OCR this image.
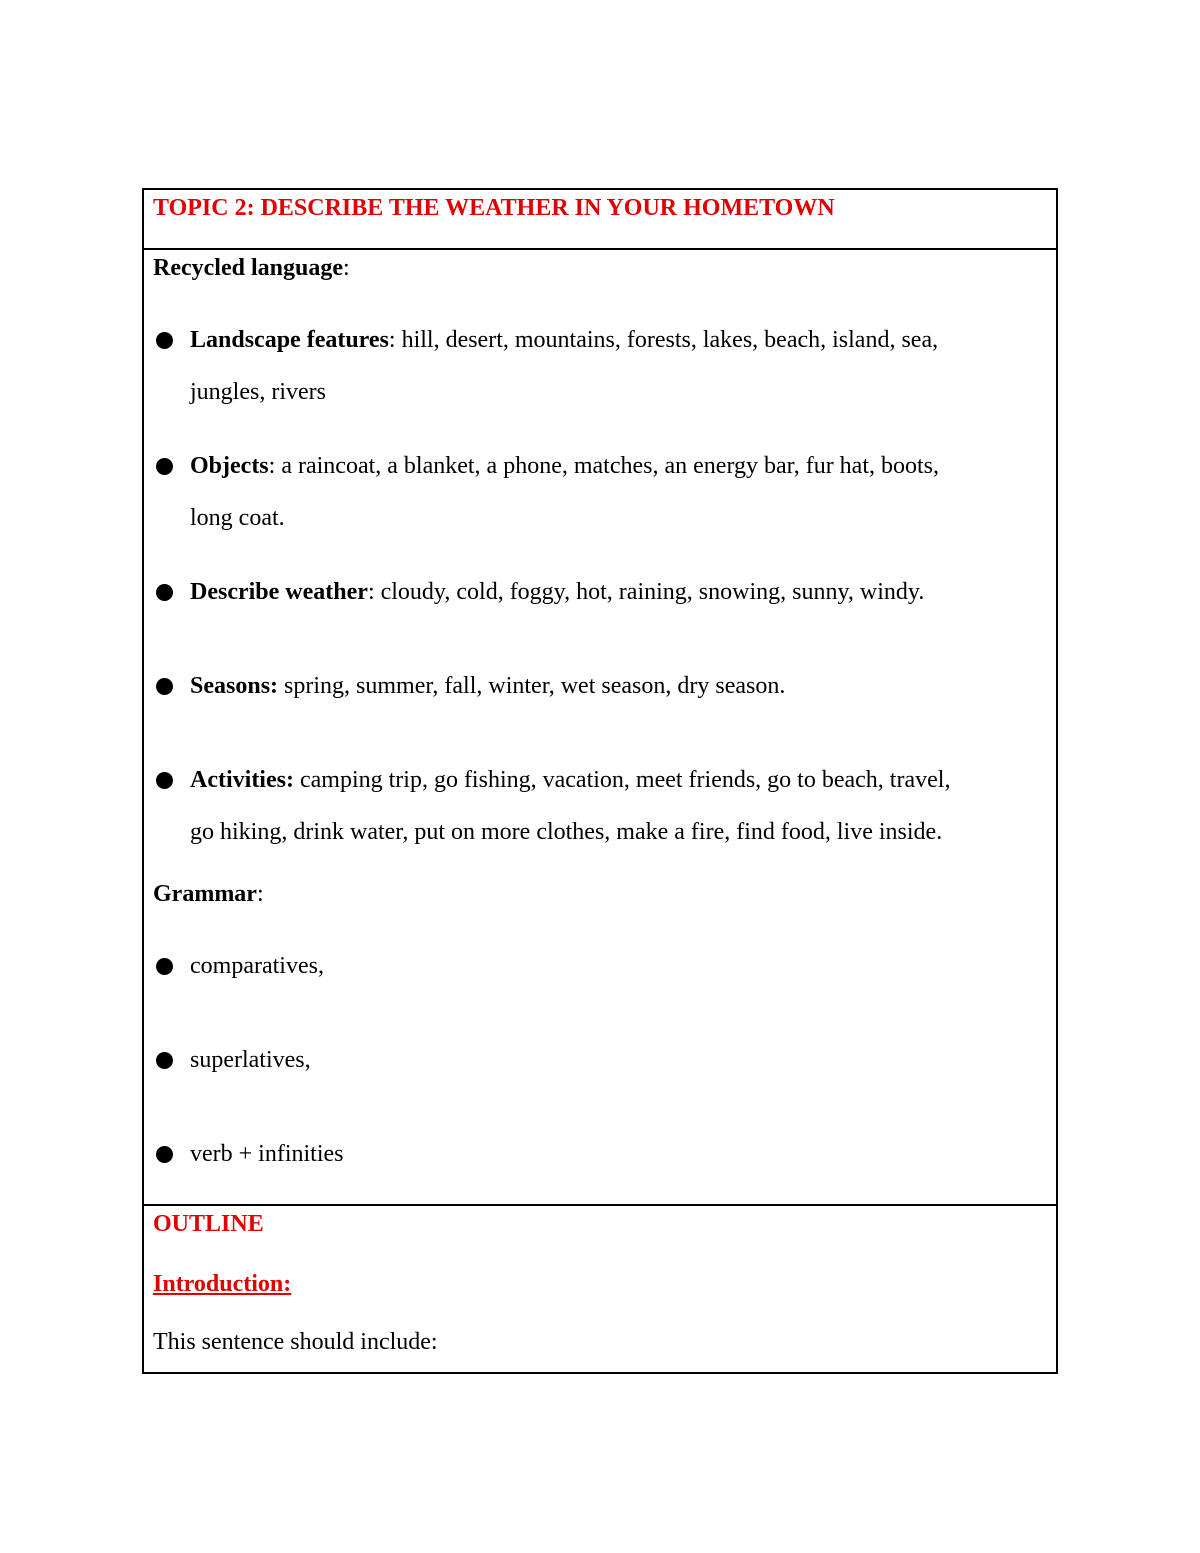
TOPIC 2: DESCRIBE THE WEATHER IN YOUR HOMETOWN
Recycled language:
Landscape features: hill, desert, mountains, forests, lakes, beach, island, sea,
jungles, rivers
Objects: a raincoat, a blanket, a phone, matches, an energy bar, fur hat, boots,
long coat.
Describe weather: cloudy, cold, foggy, hot, raining, snowing, sunny, windy.
Seasons: spring, summer, fall, winter, wet season, dry season.
Activities: camping trip, go fishing, vacation, meet friends, go to beach, travel,
go hiking, drink water, put on more clothes, make a fire, find food, live inside.
Grammar:
comparatives,
superlatives,
verb + infinities
OUTLINE
Introduction:
This sentence should include:
